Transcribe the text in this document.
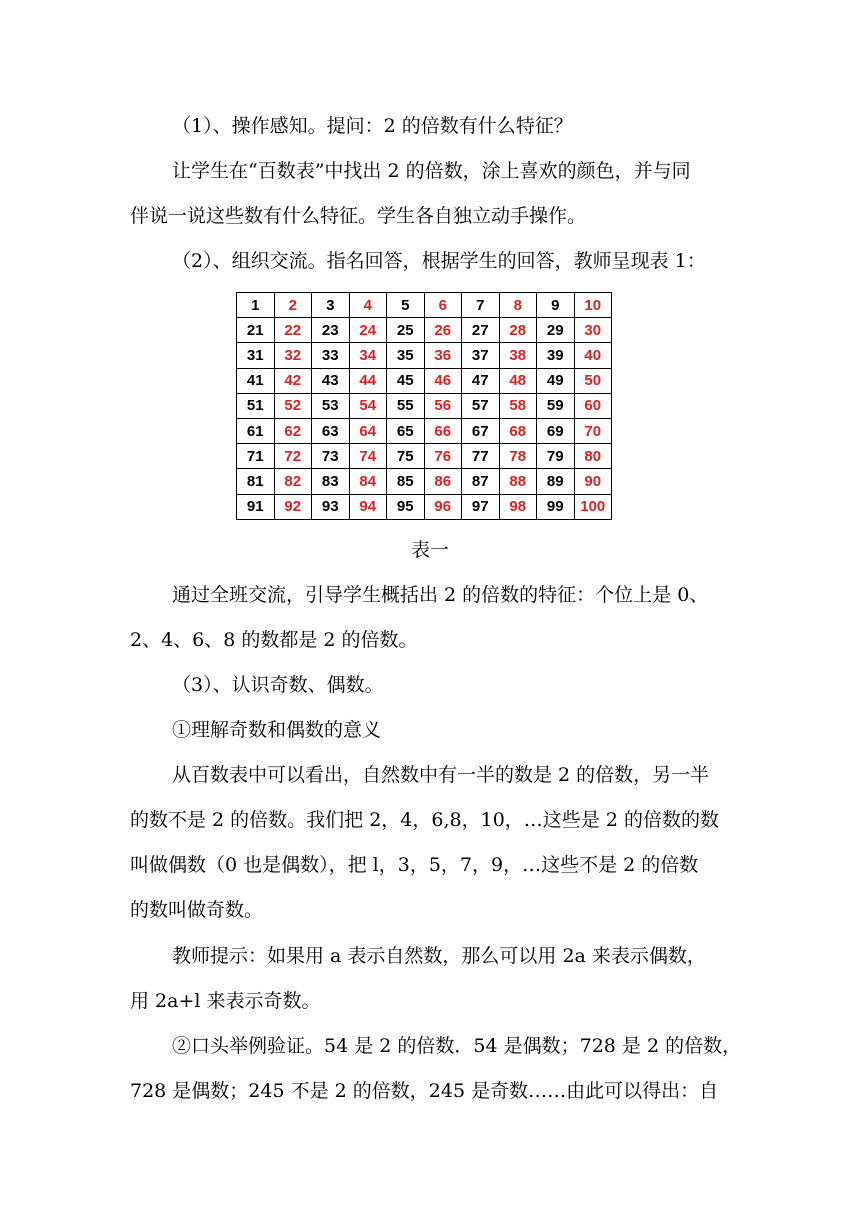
（1）、操作感知。提问：2 的倍数有什么特征？
让学生在“百数表”中找出 2 的倍数，涂上喜欢的颜色，并与同
伴说一说这些数有什么特征。学生各自独立动手操作。
（2）、组织交流。指名回答，根据学生的回答，教师呈现表 1：
1	2	3	4	5	6	7	8	9	10
21	22	23	24	25	26	27	28	29	30
31	32	33	34	35	36	37	38	39	40
41	42	43	44	45	46	47	48	49	50
51	52	53	54	55	56	57	58	59	60
61	62	63	64	65	66	67	68	69	70
71	72	73	74	75	76	77	78	79	80
81	82	83	84	85	86	87	88	89	90
91	92	93	94	95	96	97	98	99	100
表一
通过全班交流，引导学生概括出 2 的倍数的特征：个位上是 0、
2、4、6、8 的数都是 2 的倍数。
（3）、认识奇数、偶数。
①理解奇数和偶数的意义
从百数表中可以看出，自然数中有一半的数是 2 的倍数，另一半
的数不是 2 的倍数。我们把 2，4，6,8，10，…这些是 2 的倍数的数
叫做偶数（0 也是偶数），把 l，3，5，7，9，…这些不是 2 的倍数
的数叫做奇数。
教师提示：如果用 a 表示自然数，那么可以用 2a 来表示偶数，
用 2a+l 来表示奇数。
②口头举例验证。54 是 2 的倍数．54 是偶数；728 是 2 的倍数，
728 是偶数；245 不是 2 的倍数，245 是奇数……由此可以得出：自
